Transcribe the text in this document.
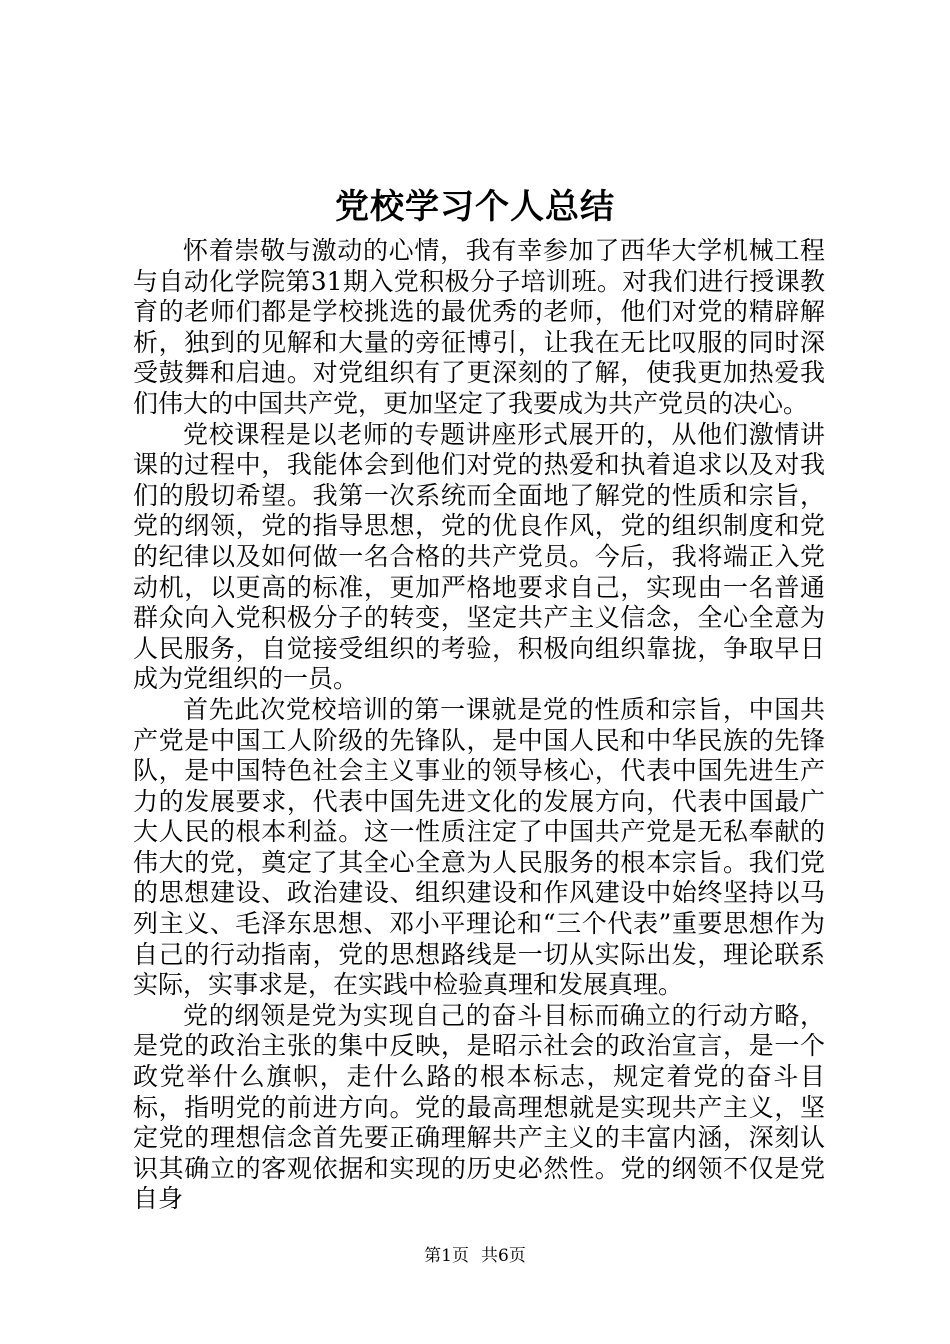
党校学习个人总结

怀着崇敬与激动的心情，我有幸参加了西华大学机械工程与自动化学院第31期入党积极分子培训班。对我们进行授课教育的老师们都是学校挑选的最优秀的老师，他们对党的精辟解析，独到的见解和大量的旁征博引，让我在无比叹服的同时深受鼓舞和启迪。对党组织有了更深刻的了解，使我更加热爱我们伟大的中国共产党，更加坚定了我要成为共产党员的决心。

党校课程是以老师的专题讲座形式展开的，从他们激情讲课的过程中，我能体会到他们对党的热爱和执着追求以及对我们的殷切希望。我第一次系统而全面地了解党的性质和宗旨，党的纲领，党的指导思想，党的优良作风，党的组织制度和党的纪律以及如何做一名合格的共产党员。今后，我将端正入党动机，以更高的标准，更加严格地要求自己，实现由一名普通群众向入党积极分子的转变，坚定共产主义信念，全心全意为人民服务，自觉接受组织的考验，积极向组织靠拢，争取早日成为党组织的一员。

首先此次党校培训的第一课就是党的性质和宗旨，中国共产党是中国工人阶级的先锋队，是中国人民和中华民族的先锋队，是中国特色社会主义事业的领导核心，代表中国先进生产力的发展要求，代表中国先进文化的发展方向，代表中国最广大人民的根本利益。这一性质注定了中国共产党是无私奉献的伟大的党，奠定了其全心全意为人民服务的根本宗旨。我们党的思想建设、政治建设、组织建设和作风建设中始终坚持以马列主义、毛泽东思想、邓小平理论和“三个代表”重要思想作为自己的行动指南，党的思想路线是一切从实际出发，理论联系实际，实事求是，在实践中检验真理和发展真理。

党的纲领是党为实现自己的奋斗目标而确立的行动方略，是党的政治主张的集中反映，是昭示社会的政治宣言，是一个政党举什么旗帜，走什么路的根本标志，规定着党的奋斗目标，指明党的前进方向。党的最高理想就是实现共产主义，坚定党的理想信念首先要正确理解共产主义的丰富内涵，深刻认识其确立的客观依据和实现的历史必然性。党的纲领不仅是党自身

第1页 共6页
